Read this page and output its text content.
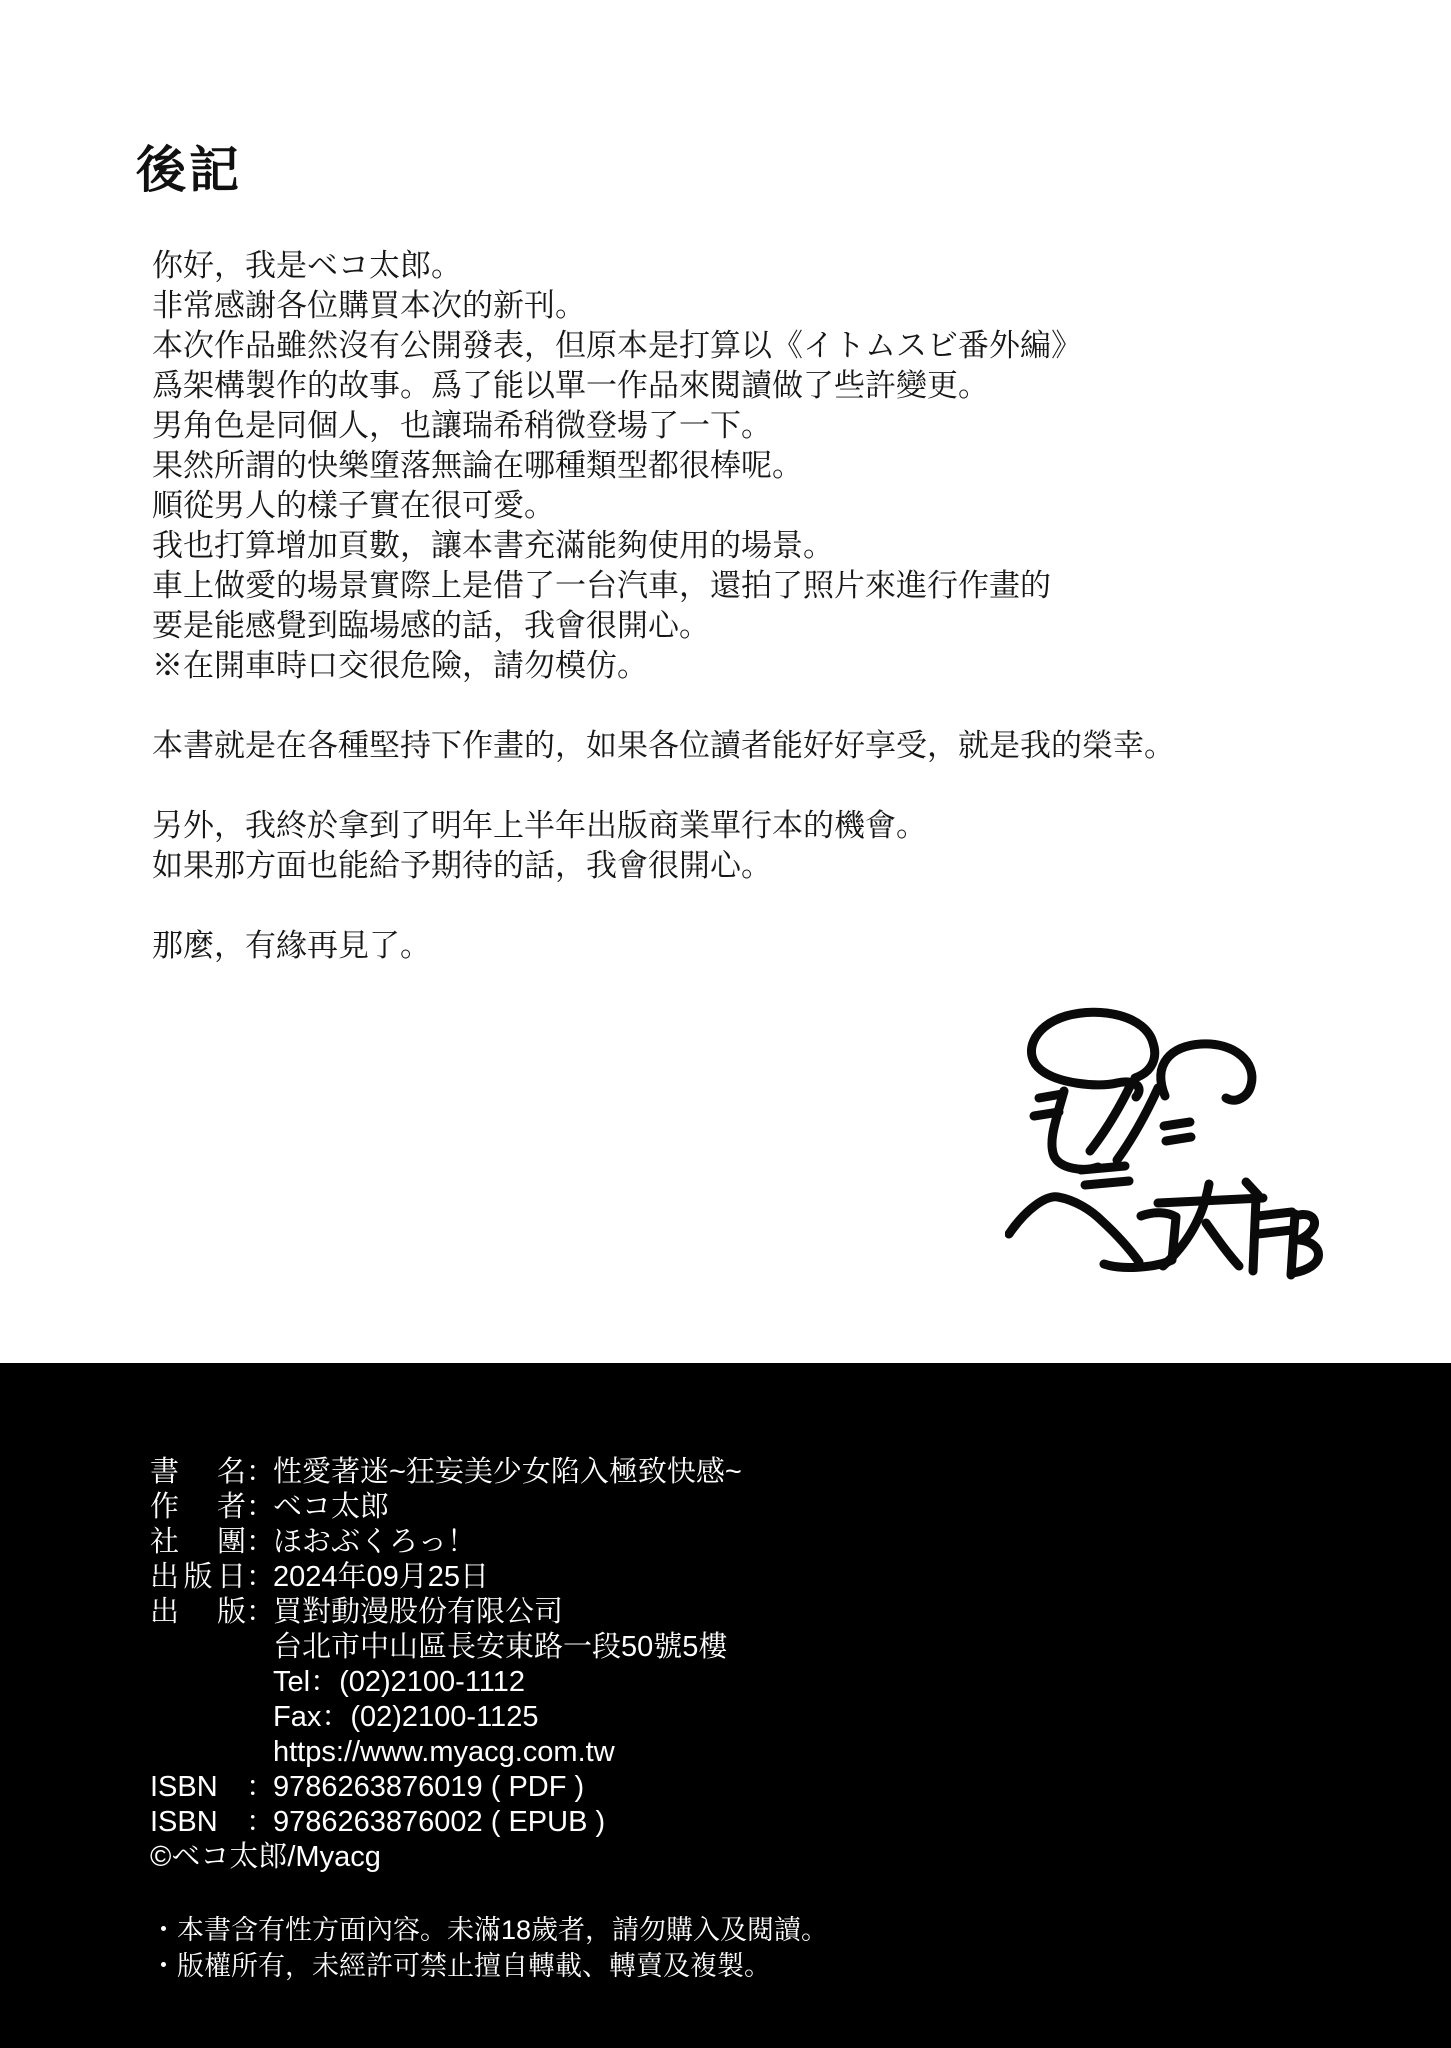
後記
你好，我是ベコ太郎。
非常感謝各位購買本次的新刊。
本次作品雖然沒有公開發表，但原本是打算以《イトムスビ番外編》
爲架構製作的故事。爲了能以單一作品來閱讀做了些許變更。
男角色是同個人，也讓瑞希稍微登場了一下。
果然所謂的快樂墮落無論在哪種類型都很棒呢。
順從男人的樣子實在很可愛。
我也打算增加頁數，讓本書充滿能夠使用的場景。
車上做愛的場景實際上是借了一台汽車，還拍了照片來進行作畫的
要是能感覺到臨場感的話，我會很開心。
※在開車時口交很危險，請勿模仿。

本書就是在各種堅持下作畫的，如果各位讀者能好好享受，就是我的榮幸。

另外，我終於拿到了明年上半年出版商業單行本的機會。
如果那方面也能給予期待的話，我會很開心。

那麼，有緣再見了。
書　名 ：
性愛著迷~狂妄美少女陷入極致快感~
作　者 ：
ベコ太郎
社　團 ：
ほおぶくろっ！
出版日 ：
2024年09月25日
出　版 ：
買對動漫股份有限公司
台北市中山區長安東路一段50號5樓
Tel：(02)2100-1112
Fax：(02)2100-1125
https://www.myacg.com.tw
ISBN ：
9786263876019 ( PDF )
ISBN ：
9786263876002 ( EPUB )
©ベコ太郎/Myacg
・本書含有性方面內容。未滿18歲者，請勿購入及閱讀。
・版權所有，未經許可禁止擅自轉載、轉賣及複製。
